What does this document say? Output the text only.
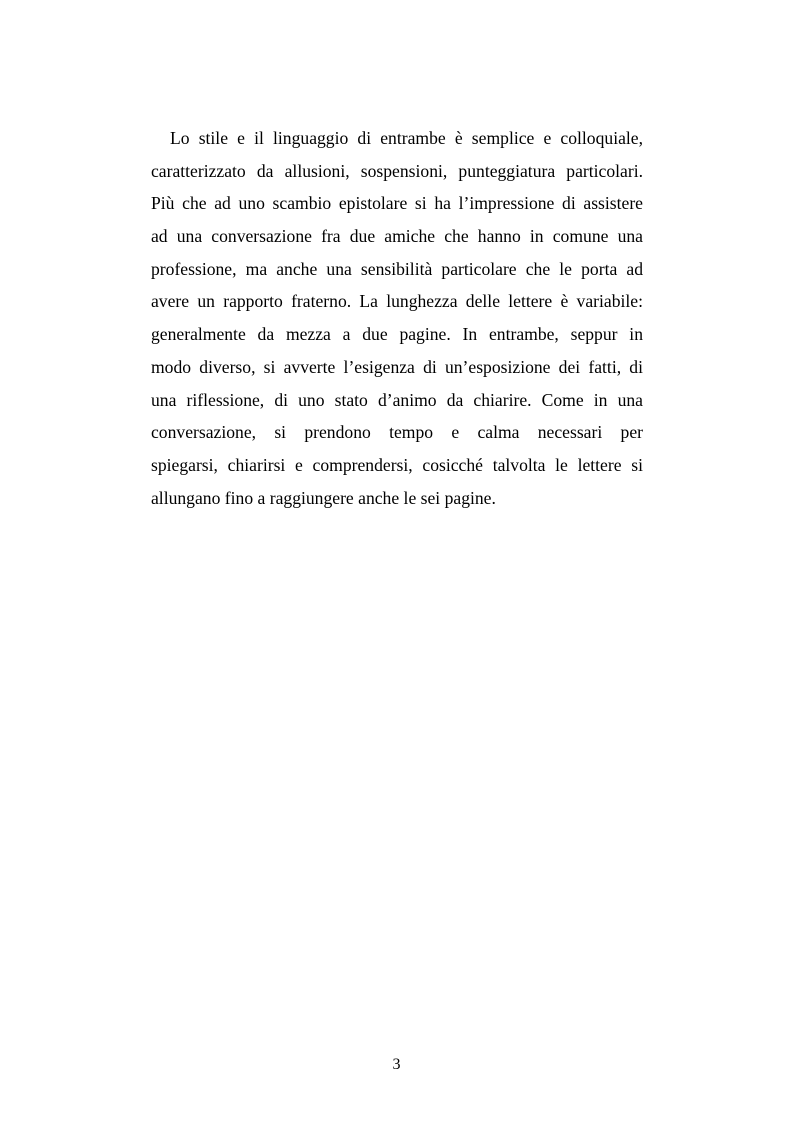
Lo stile e il linguaggio di entrambe è semplice e colloquiale,
caratterizzato da allusioni, sospensioni, punteggiatura particolari.
Più che ad uno scambio epistolare si ha l’impressione di assistere
ad una conversazione fra due amiche che hanno in comune una
professione, ma anche una sensibilità particolare che le porta ad
avere un rapporto fraterno. La lunghezza delle lettere è variabile:
generalmente da mezza a due pagine. In entrambe, seppur in
modo diverso, si avverte l’esigenza di un’esposizione dei fatti, di
una riflessione, di uno stato d’animo da chiarire. Come in una
conversazione, si prendono tempo e calma necessari per
spiegarsi, chiarirsi e comprendersi, cosicché talvolta le lettere si
allungano fino a raggiungere anche le sei pagine.
3
